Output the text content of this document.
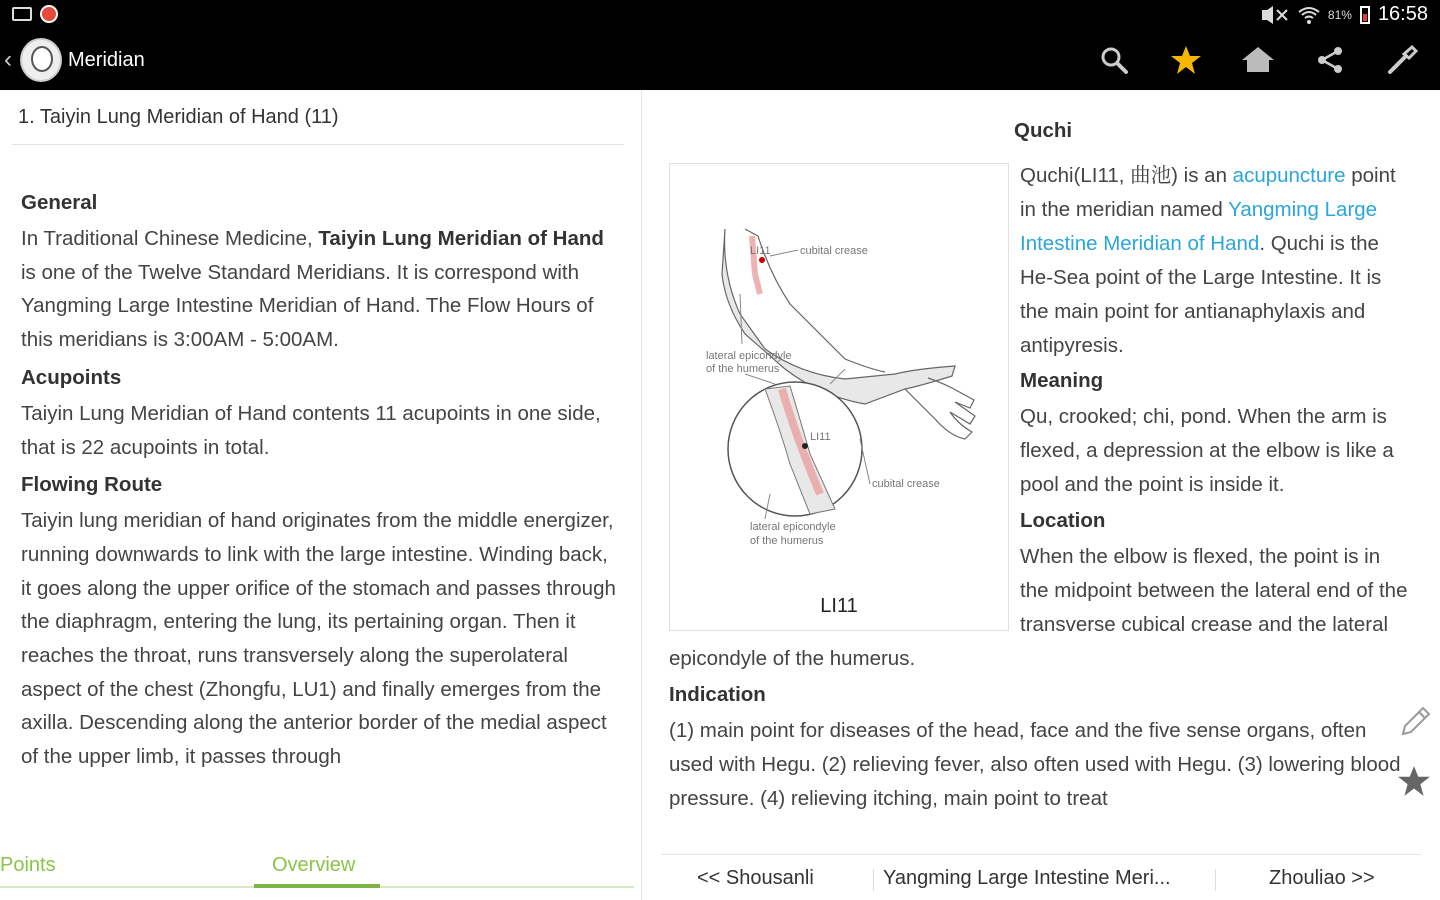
81% 16:58
‹	Meridian
1. Taiyin Lung Meridian of Hand (11)
General

In Traditional Chinese Medicine, Taiyin Lung Meridian of Hand is one of the Twelve Standard Meridians. It is correspond with Yangming Large Intestine Meridian of Hand. The Flow Hours of this meridians is 3:00AM - 5:00AM.

Acupoints

Taiyin Lung Meridian of Hand contents 11 acupoints in one side, that is 22 acupoints in total.

Flowing Route

Taiyin lung meridian of hand originates from the middle energizer, running downwards to link with the large intestine. Winding back, it goes along the upper orifice of the stomach and passes through the diaphragm, entering the lung, its pertaining organ. Then it reaches the throat, runs transversely along the superolateral aspect of the chest (Zhongfu, LU1) and finally emerges from the axilla. Descending along the anterior border of the medial aspect of the upper limb, it passes through

Points	Overview
Quchi
LI11	cubital crease
lateral epicondyle
of the humerus
LI11
cubital crease
lateral epicondyle
of the humerus
LI11

Quchi(LI11, 曲池) is an acupuncture point in the meridian named Yangming Large Intestine Meridian of Hand. Quchi is the He-Sea point of the Large Intestine. It is the main point for antianaphylaxis and antipyresis.

Meaning

Qu, crooked; chi, pond. When the arm is flexed, a depression at the elbow is like a pool and the point is inside it.

Location

When the elbow is flexed, the point is in the midpoint between the lateral end of the transverse cubical crease and the lateral epicondyle of the humerus.

Indication

(1) main point for diseases of the head, face and the five sense organs, often used with Hegu. (2) relieving fever, also often used with Hegu. (3) lowering blood pressure. (4) relieving itching, main point to treat

<< Shousanli	Yangming Large Intestine Meri...	Zhouliao >>
